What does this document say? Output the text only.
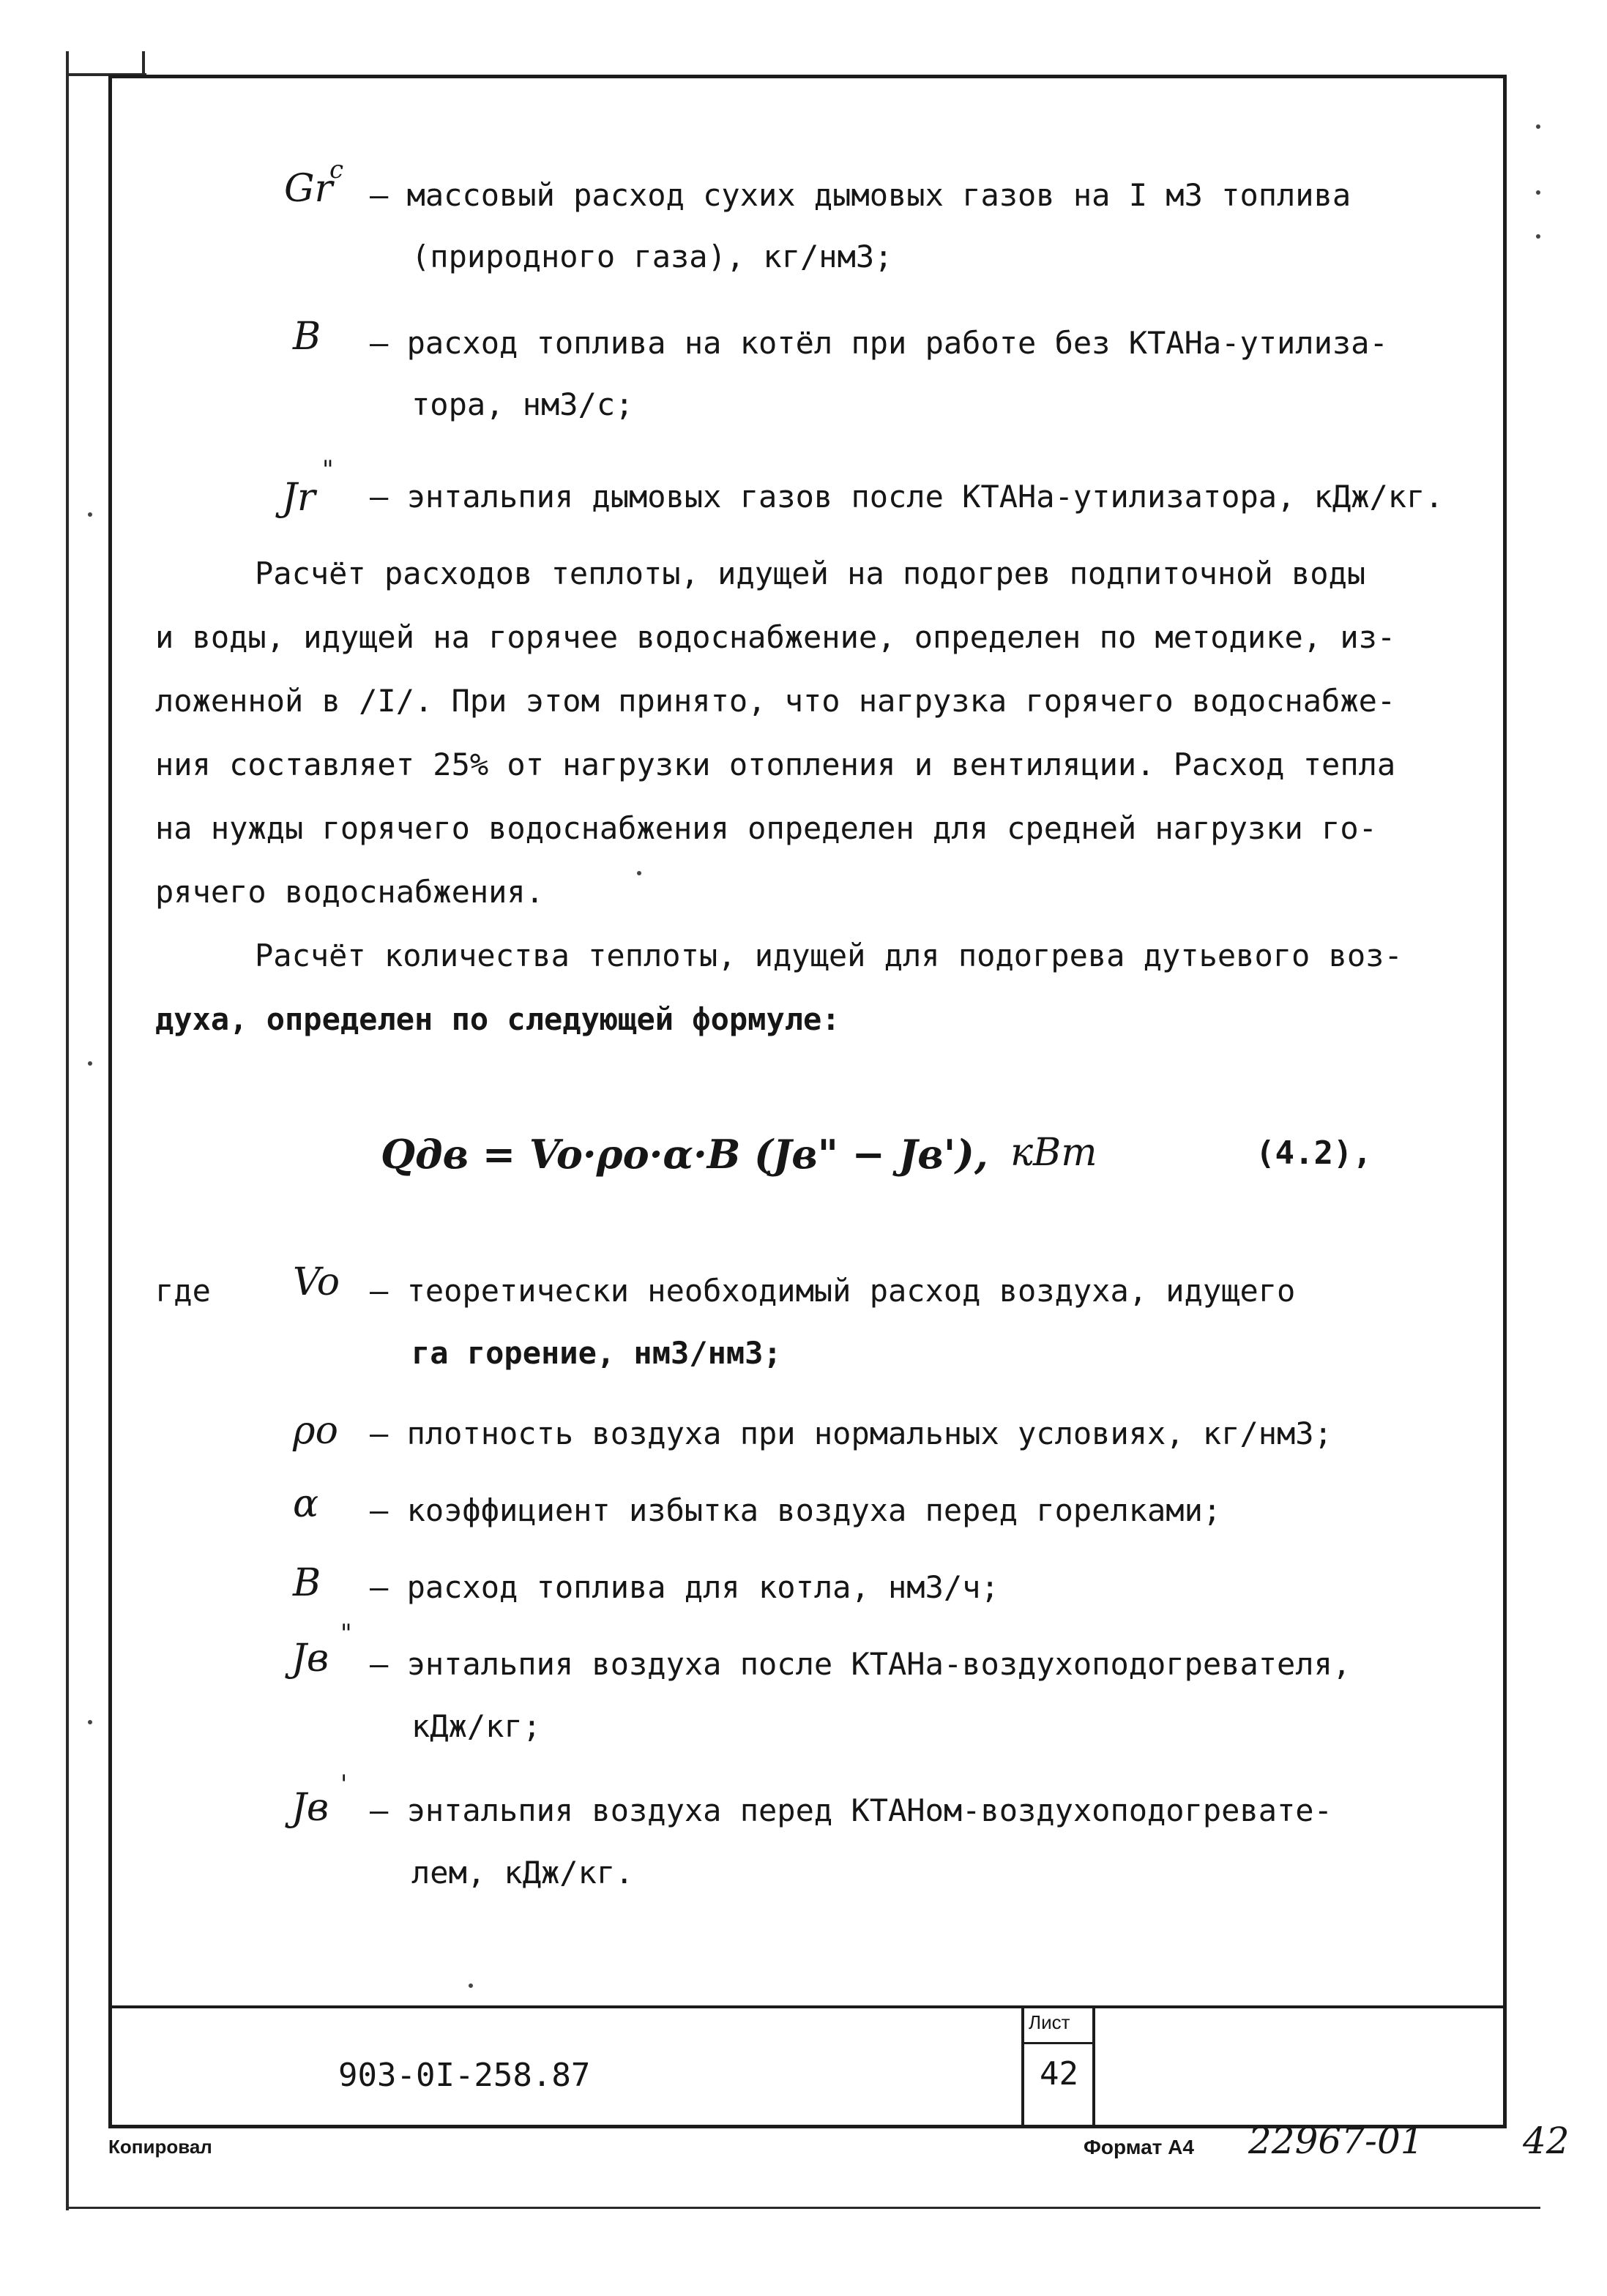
Gr
c
– массовый расход сухих дымовых газов на I м3 топлива
(природного газа), кг/нм3;
B – расход топлива на котёл при работе без КТАНа-утилиза-
тора, нм3/с;
Jr
"
– энтальпия дымовых газов после КТАНа-утилизатора, кДж/кг.
Расчёт расходов теплоты, идущей на подогрев подпиточной воды
и воды, идущей на горячее водоснабжение, определен по методике, из-
ложенной в /I/. При этом принято, что нагрузка горячего водоснабже-
ния составляет 25% от нагрузки отопления и вентиляции. Расход тепла
на нужды горячего водоснабжения определен для средней нагрузки го-
рячего водоснабжения.
Расчёт количества теплоты, идущей для подогрева дутьевого воз-
духа, определен по следующей формуле:
Qдв = Vo·ρo·α·B (Jв" − Jв'), кВт	(4.2),
где Vo – теоретически необходимый расход воздуха, идущего
га горение, нм3/нм3;
ρo – плотность воздуха при нормальных условиях, кг/нм3;
α – коэффициент избытка воздуха перед горелками;
B – расход топлива для котла, нм3/ч;
Jв
"
– энтальпия воздуха после КТАНа-воздухоподогревателя,
кДж/кг;
Jв
'
– энтальпия воздуха перед КТАНом-воздухоподогревате-
лем, кДж/кг.
903-0I-258.87
Лист
42
Копировал	Формат А4 22967-01	42
